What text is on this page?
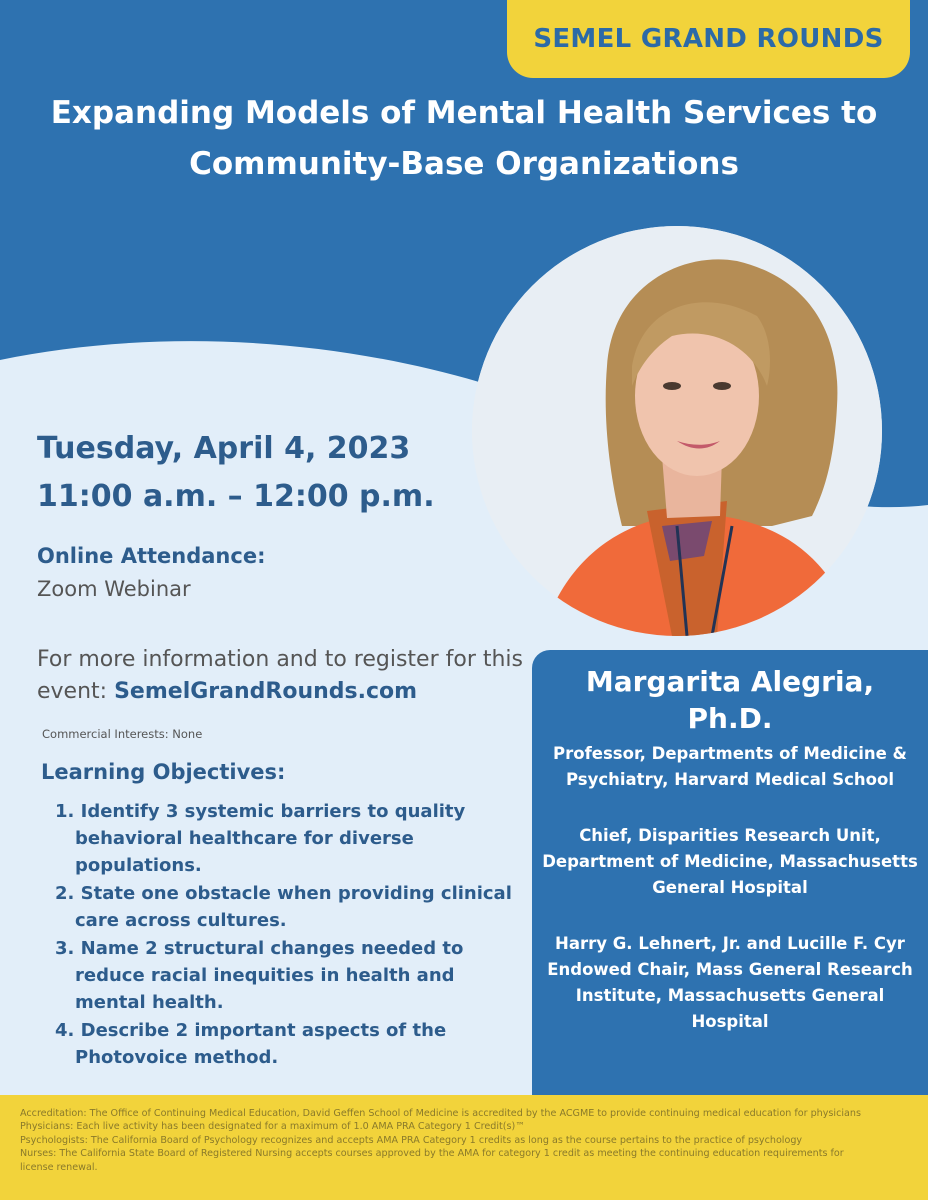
SEMEL GRAND ROUNDS
Expanding Models of Mental Health Services to
Community-Base Organizations
Tuesday, April 4, 2023
11:00 a.m. – 12:00 p.m.
Online Attendance:
Zoom Webinar
For more information and to register for this
event: SemelGrandRounds.com
Commercial Interests: None
Learning Objectives:
1. Identify 3 systemic barriers to quality behavioral healthcare for diverse populations.
2. State one obstacle when providing clinical care across cultures.
3. Name 2 structural changes needed to reduce racial inequities in health and mental health.
4. Describe 2 important aspects of the Photovoice method.
Margarita Alegria,
Ph.D.
Professor, Departments of Medicine & Psychiatry, Harvard Medical School
Chief, Disparities Research Unit, Department of Medicine, Massachusetts General Hospital
Harry G. Lehnert, Jr. and Lucille F. Cyr Endowed Chair, Mass General Research Institute, Massachusetts General Hospital
Accreditation: The Office of Continuing Medical Education, David Geffen School of Medicine is accredited by the ACGME to provide continuing medical education for physicians
Physicians: Each live activity has been designated for a maximum of 1.0 AMA PRA Category 1 Credit(s)™
Psychologists: The California Board of Psychology recognizes and accepts AMA PRA Category 1 credits as long as the course pertains to the practice of psychology
Nurses: The California State Board of Registered Nursing accepts courses approved by the AMA for category 1 credit as meeting the continuing education requirements for
license renewal.
